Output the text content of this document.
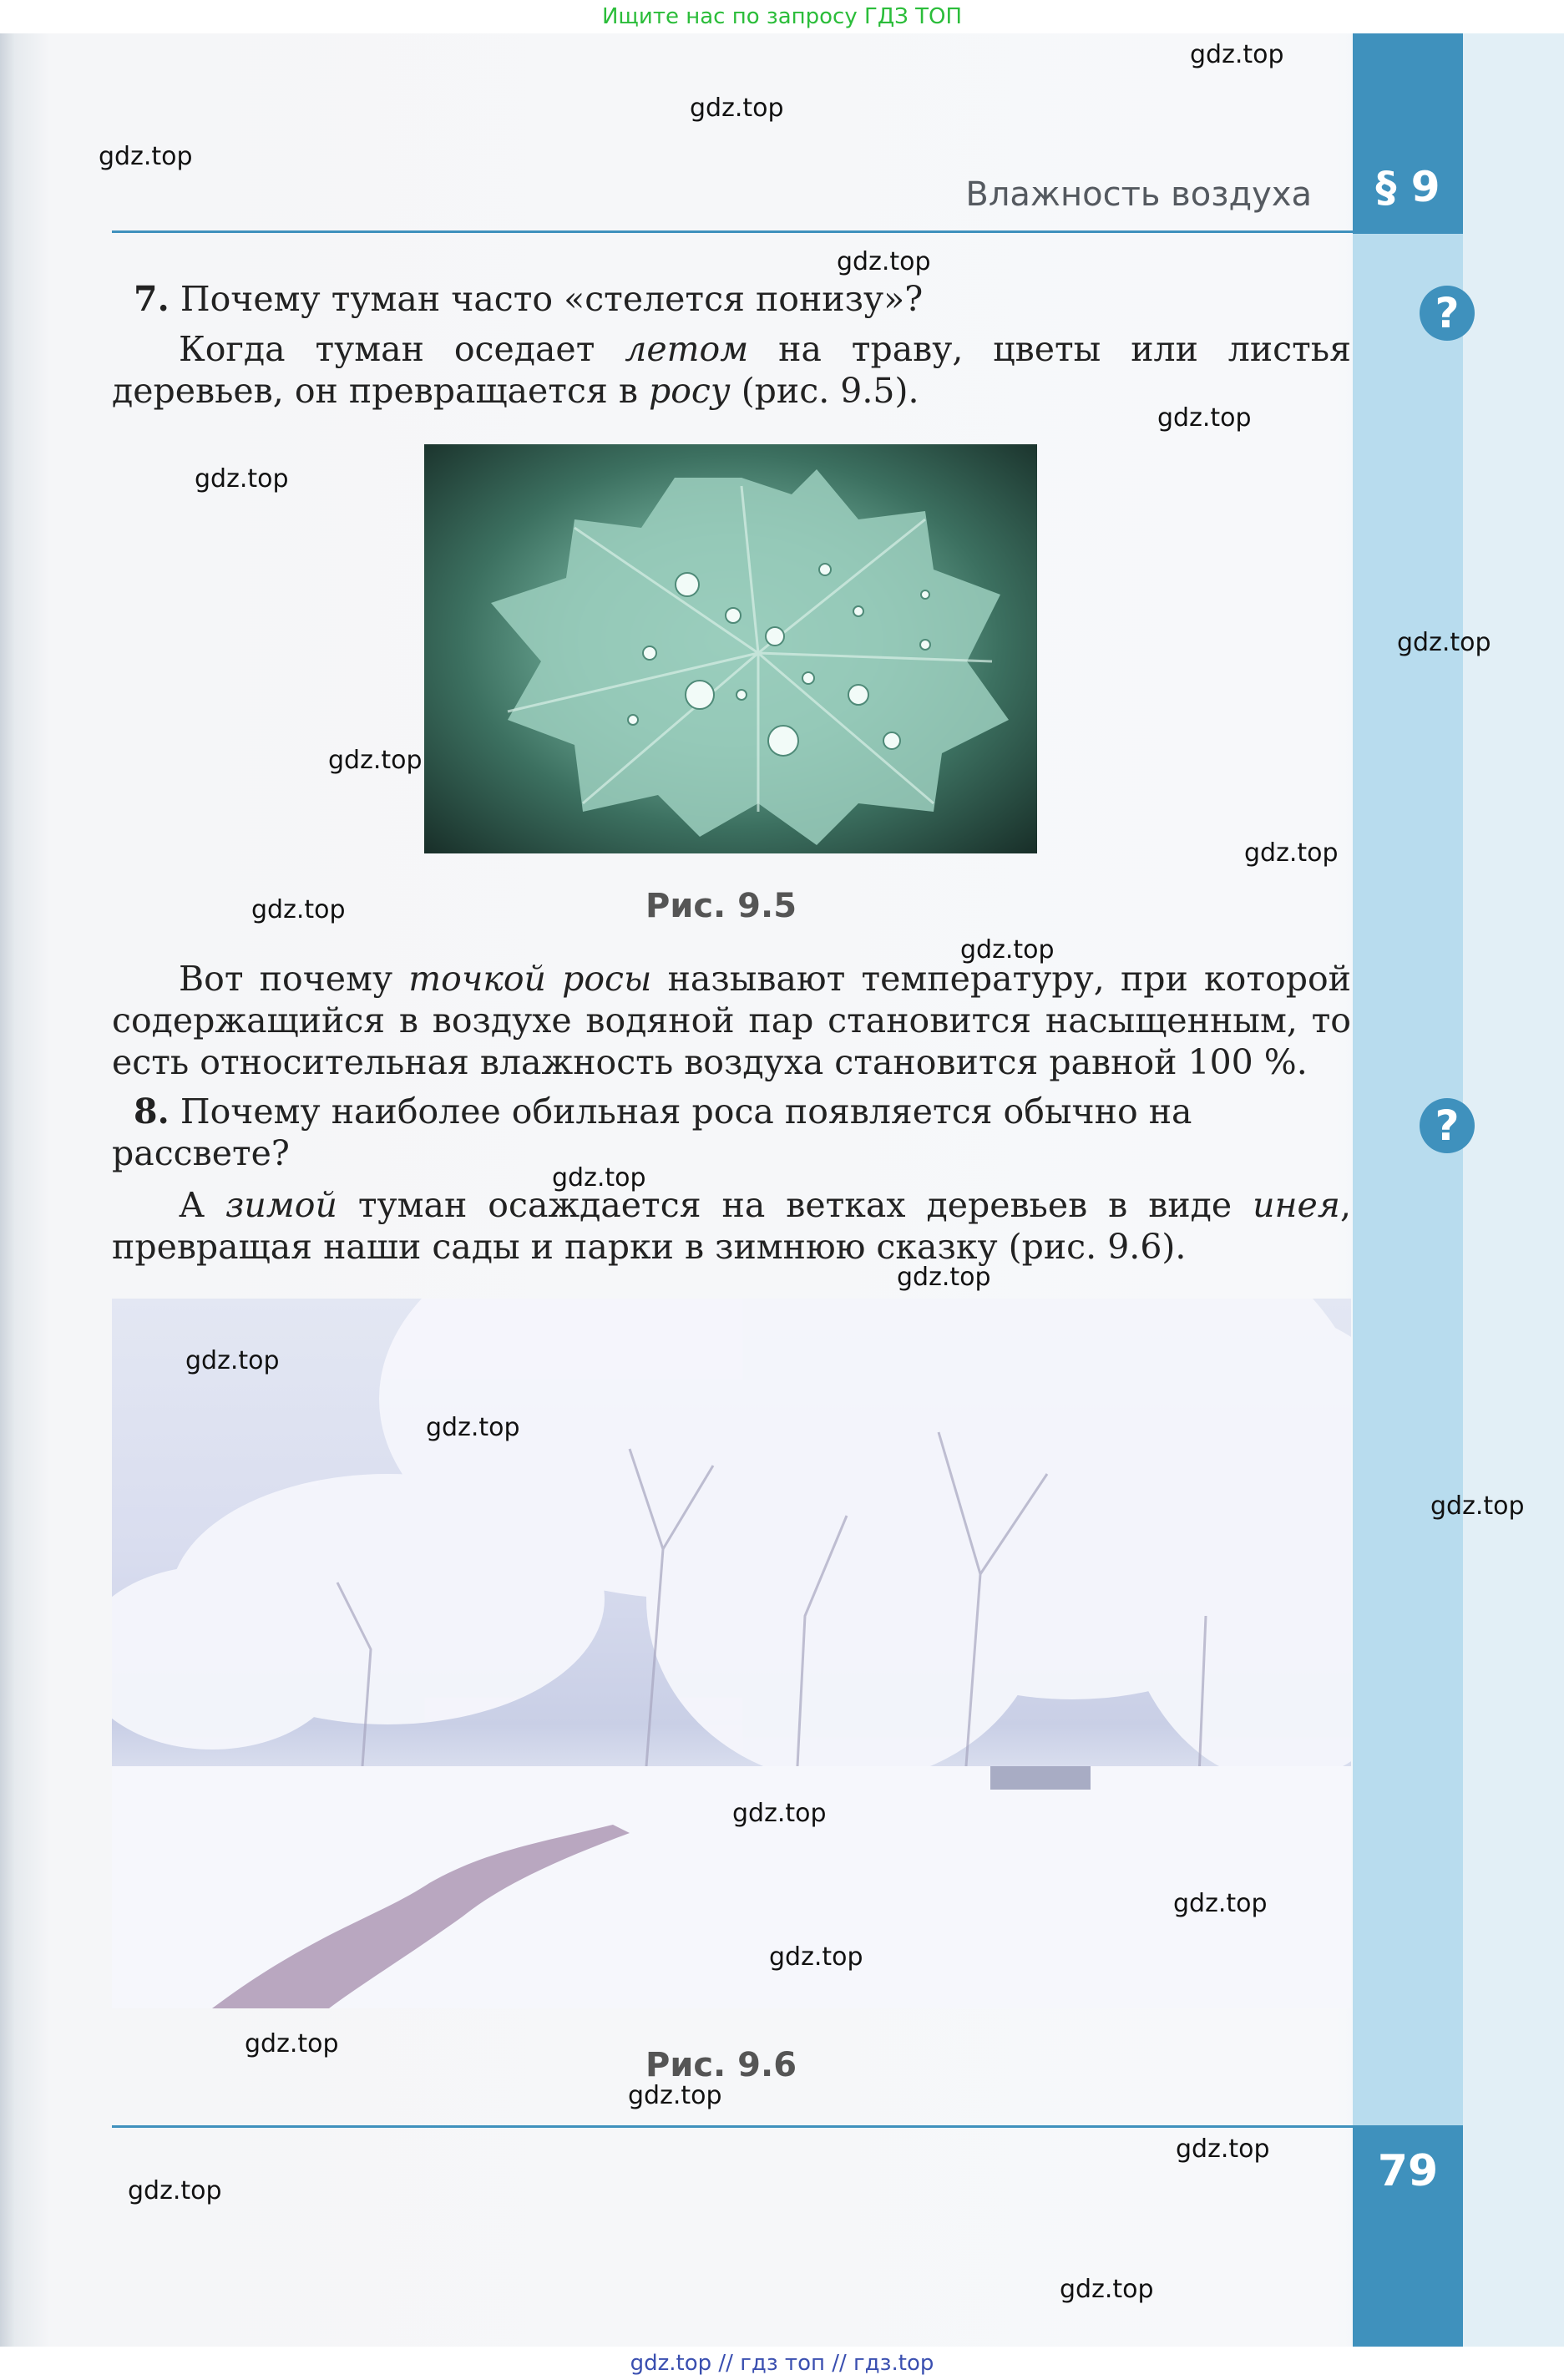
Ищите нас по запросу ГДЗ ТОП
§ 9
Влажность воздуха
?
7. Почему туман часто «стелется понизу»?
Когда туман оседает летом на траву, цветы или листья деревьев, он превращается в росу (рис. 9.5).
Рис. 9.5
Вот почему точкой росы называют температуру, при которой содержащийся в воздухе водяной пар становится насыщенным, то есть относительная влажность воздуха становится равной 100 %.
?
8. Почему наиболее обильная роса появляется обычно на рассвете?
А зимой туман осаждается на ветках деревьев в виде инея, превращая наши сады и парки в зимнюю сказку (рис. 9.6).
Рис. 9.6
79
gdz.top
gdz.top
gdz.top
gdz.top
gdz.top
gdz.top
gdz.top
gdz.top
gdz.top
gdz.top
gdz.top
gdz.top
gdz.top
gdz.top
gdz.top
gdz.top
gdz.top
gdz.top
gdz.top
gdz.top
gdz.top
gdz.top
gdz.top
gdz.top
gdz.top // гдз топ // гдз.top
